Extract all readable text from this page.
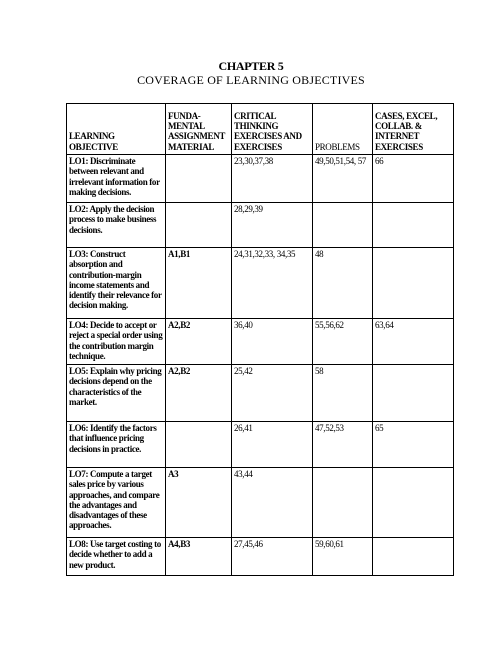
CHAPTER 5
COVERAGE OF LEARNING OBJECTIVES
LEARNING OBJECTIVE	FUNDA-MENTAL ASSIGNMENT MATERIAL	CRITICAL THINKING EXERCISES AND EXERCISES	PROBLEMS	CASES, EXCEL, COLLAB. & INTERNET EXERCISES
LO1: Discriminate between relevant and irrelevant information for making decisions.		23,30,37,38	49,50,51,54, 57	66
LO2: Apply the decision process to make business decisions.		28,29,39		
LO3: Construct absorption and contribution-margin income statements and identify their relevance for decision making.	A1,B1	24,31,32,33, 34,35	48	
LO4: Decide to accept or reject a special order using the contribution margin technique.	A2,B2	36,40	55,56,62	63,64
LO5: Explain why pricing decisions depend on the characteristics of the market.	A2,B2	25,42	58	
LO6: Identify the factors that influence pricing decisions in practice.		26,41	47,52,53	65
LO7: Compute a target sales price by various approaches, and compare the advantages and disadvantages of these approaches.	A3	43,44		
LO8: Use target costing to decide whether to add a new product.	A4,B3	27,45,46	59,60,61	
